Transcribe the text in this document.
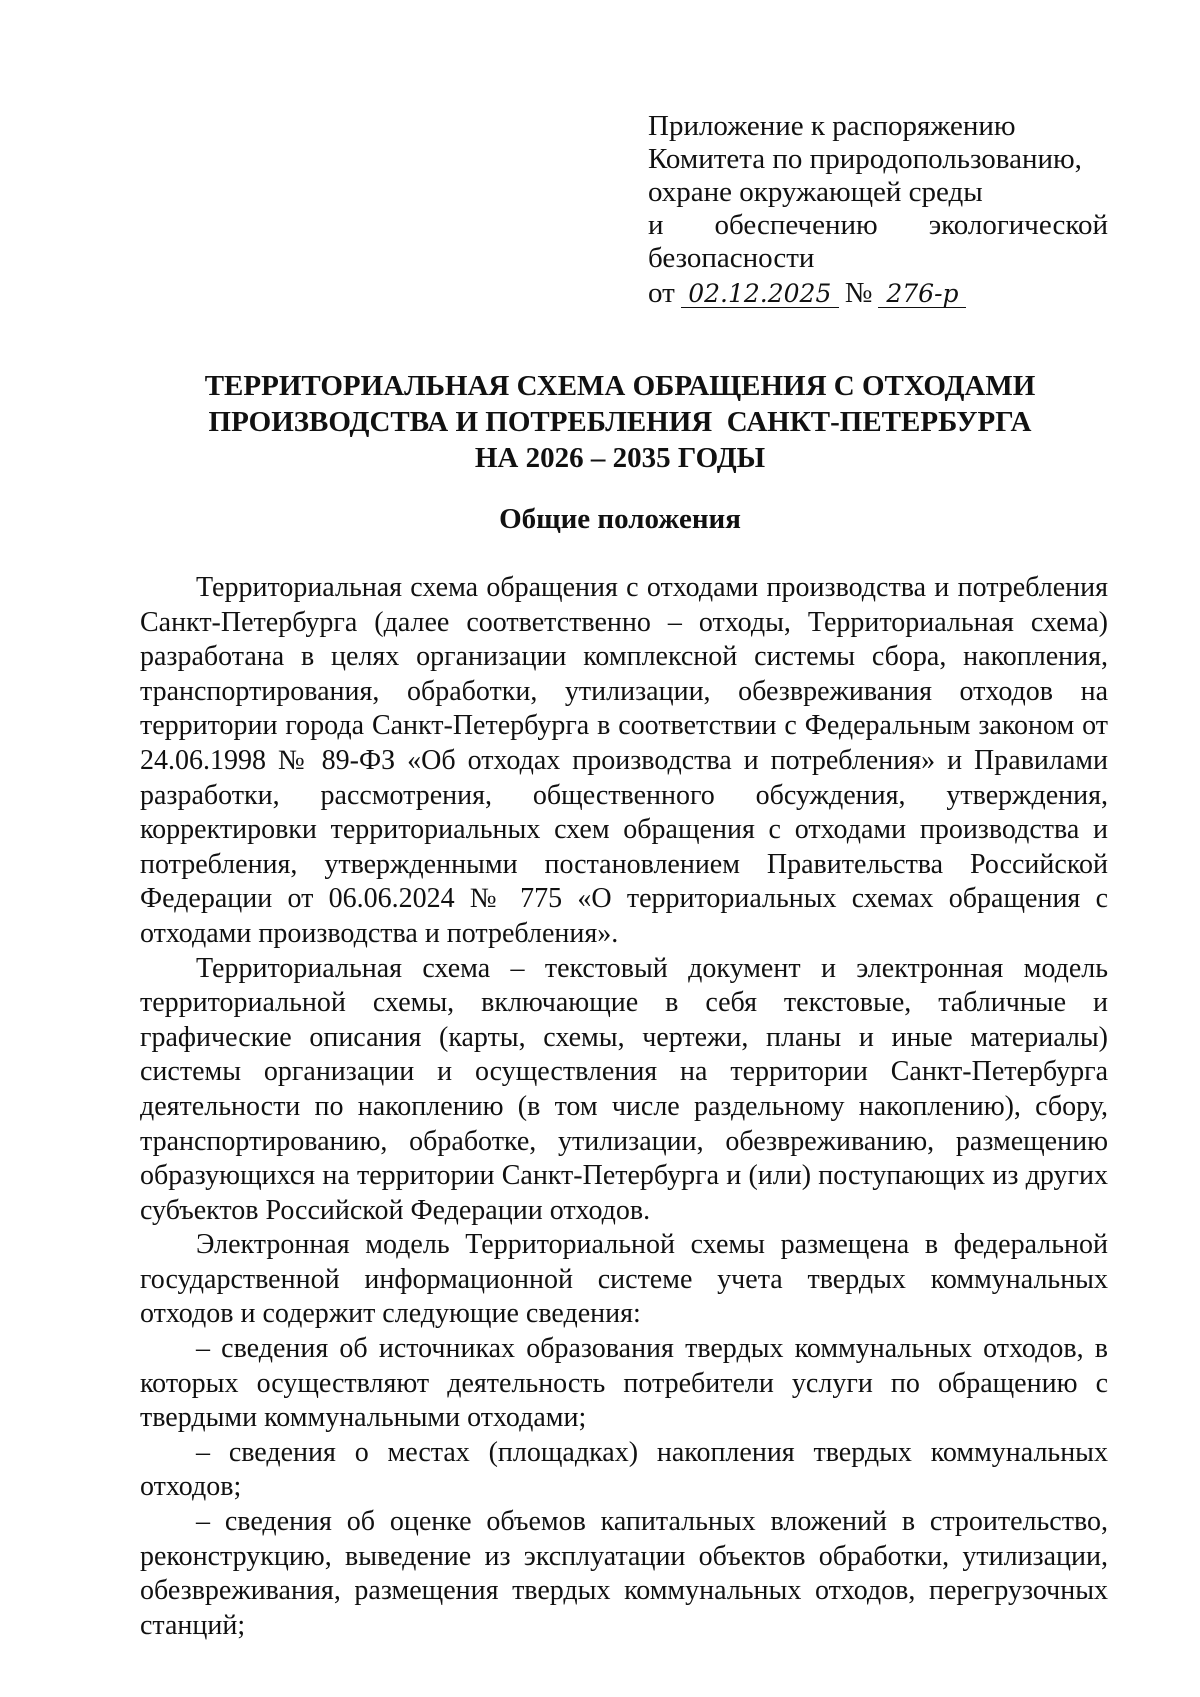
Приложение к распоряжению
Комитета по природопользованию,
охране окружающей среды
и обеспечению экологической
безопасности
от 02.12.2025 № 276-р
ТЕРРИТОРИАЛЬНАЯ СХЕМА ОБРАЩЕНИЯ С ОТХОДАМИ
ПРОИЗВОДСТВА И ПОТРЕБЛЕНИЯ  САНКТ-ПЕТЕРБУРГА
НА 2026 – 2035 ГОДЫ
Общие положения

Территориальная схема обращения с отходами производства и потребления Санкт-Петербурга (далее соответственно – отходы, Территориальная схема) разработана в целях организации комплексной системы сбора, накопления, транспортирования, обработки, утилизации, обезвреживания отходов на территории города Санкт-Петербурга в соответствии с Федеральным законом от 24.06.1998 № 89-ФЗ «Об отходах производства и потребления» и Правилами разработки, рассмотрения, общественного обсуждения, утверждения, корректировки территориальных схем обращения с отходами производства и потребления, утвержденными постановлением Правительства Российской Федерации от 06.06.2024 № 775 «О территориальных схемах обращения с отходами производства и потребления».

Территориальная схема – текстовый документ и электронная модель территориальной схемы, включающие в себя текстовые, табличные и графические описания (карты, схемы, чертежи, планы и иные материалы) системы организации и осуществления на территории Санкт-Петербурга деятельности по накоплению (в том числе раздельному накоплению), сбору, транспортированию, обработке, утилизации, обезвреживанию, размещению образующихся на территории Санкт-Петербурга и (или) поступающих из других субъектов Российской Федерации отходов.

Электронная модель Территориальной схемы размещена в федеральной государственной информационной системе учета твердых коммунальных отходов и содержит следующие сведения:

– сведения об источниках образования твердых коммунальных отходов, в которых осуществляют деятельность потребители услуги по обращению с твердыми коммунальными отходами;

– сведения о местах (площадках) накопления твердых коммунальных отходов;

– сведения об оценке объемов капитальных вложений в строительство, реконструкцию, выведение из эксплуатации объектов обработки, утилизации, обезвреживания, размещения твердых коммунальных отходов, перегрузочных станций;
